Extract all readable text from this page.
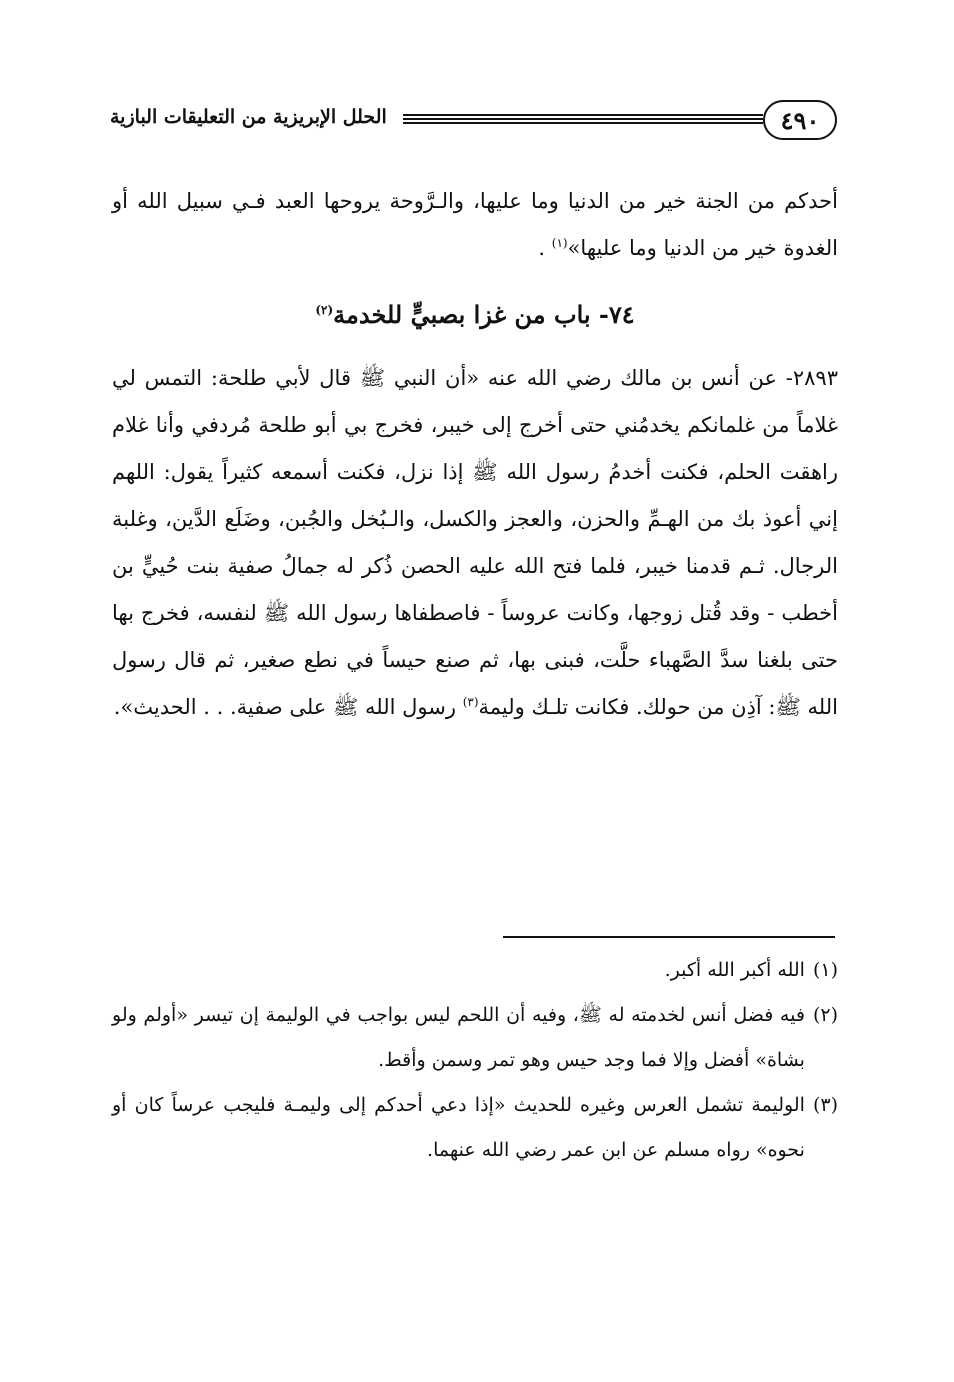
٤٩٠
الحلل الإبريزية من التعليقات البازية

أحدكم من الجنة خير من الدنيا وما عليها، والـرَّوحة يروحها العبد فـي سبيل الله أو الغدوة خير من الدنيا وما عليها»$^{(١)}$ .

٧٤- باب من غزا بصبيٍّ للخدمة$^{(٢)}$

٢٨٩٣- عن أنس بن مالك رضي الله عنه «أن النبي ﷺ قال لأبي طلحة: التمس لي غلاماً من غلمانكم يخدمُني حتى أخرج إلى خيبر، فخرج بي أبو طلحة مُردفي وأنا غلام راهقت الحلم، فكنت أخدمُ رسول الله ﷺ إذا نزل، فكنت أسمعه كثيراً يقول: اللهم إني أعوذ بك من الهـمِّ والحزن، والعجز والكسل، والـبُخل والجُبن، وضَلَع الدَّين، وغلبة الرجال. ثـم قدمنا خيبر، فلما فتح الله عليه الحصن ذُكر له جمالُ صفية بنت حُييٍّ بن أخطب - وقد قُتل زوجها، وكانت عروساً - فاصطفاها رسول الله ﷺ لنفسه، فخرج بها حتى بلغنا سدَّ الصَّهباء حلَّت، فبنى بها، ثم صنع حيساً في نطع صغير، ثم قال رسول الله ﷺ: آذِن من حولك. فكانت تلـك وليمة$^{(٣)}$ رسول الله ﷺ على صفية. . . الحديث».

(١)
الله أكبر الله أكبر.
(٢)
فيه فضل أنس لخدمته له ﷺ، وفيه أن اللحم ليس بواجب في الوليمة إن تيسر «أولم ولو بشاة» أفضل وإلا فما وجد حيس وهو تمر وسمن وأقط.
(٣)
الوليمة تشمل العرس وغيره للحديث «إذا دعي أحدكم إلى وليمـة فليجب عرساً كان أو نحوه» رواه مسلم عن ابن عمر رضي الله عنهما.
